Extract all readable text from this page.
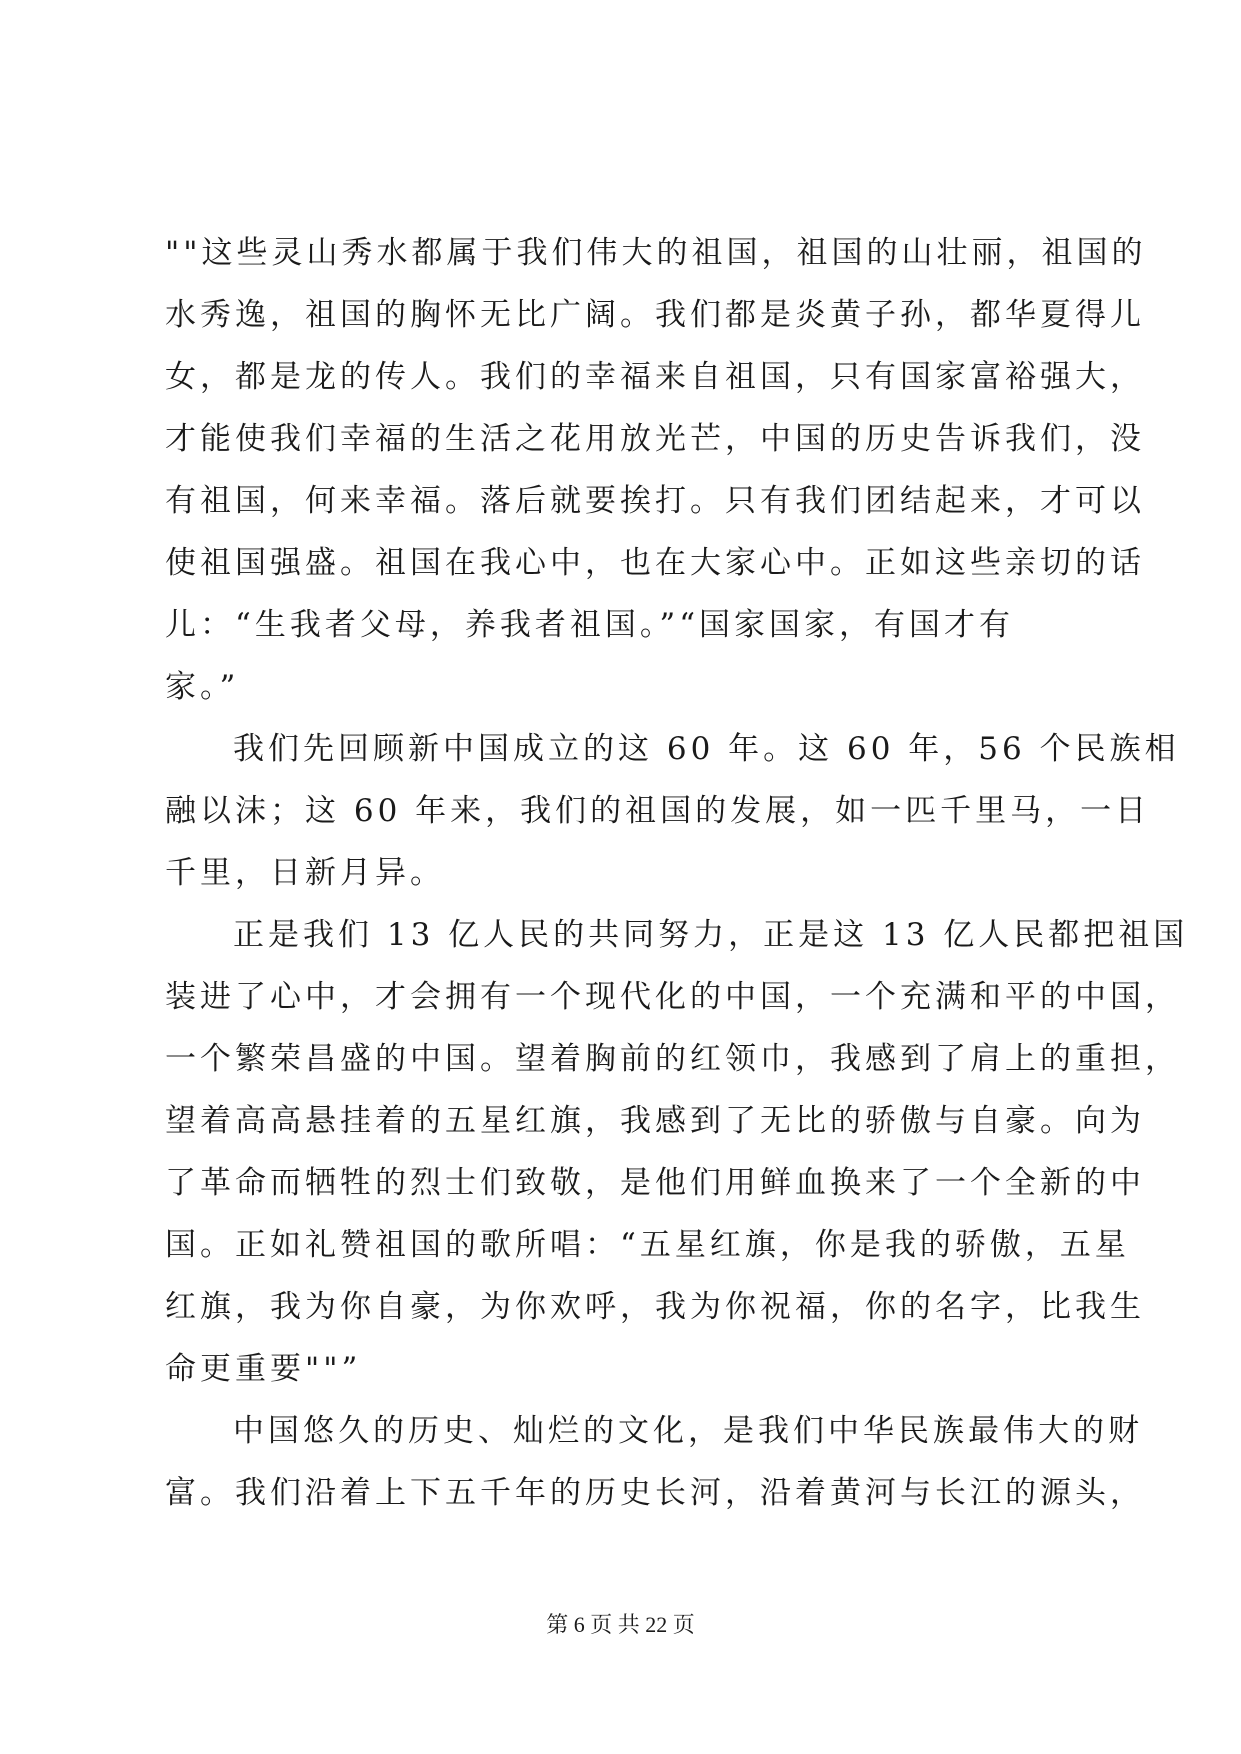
""这些灵山秀水都属于我们伟大的祖国，祖国的山壮丽，祖国的
水秀逸，祖国的胸怀无比广阔。我们都是炎黄子孙，都华夏得儿
女，都是龙的传人。我们的幸福来自祖国，只有国家富裕强大，
才能使我们幸福的生活之花用放光芒，中国的历史告诉我们，没
有祖国，何来幸福。落后就要挨打。只有我们团结起来，才可以
使祖国强盛。祖国在我心中，也在大家心中。正如这些亲切的话
儿：“生我者父母，养我者祖国。”“国家国家，有国才有
家。”
我们先回顾新中国成立的这 60 年。这 60 年，56 个民族相
融以沫；这 60 年来，我们的祖国的发展，如一匹千里马，一日
千里，日新月异。
正是我们 13 亿人民的共同努力，正是这 13 亿人民都把祖国
装进了心中，才会拥有一个现代化的中国，一个充满和平的中国，
一个繁荣昌盛的中国。望着胸前的红领巾，我感到了肩上的重担，
望着高高悬挂着的五星红旗，我感到了无比的骄傲与自豪。向为
了革命而牺牲的烈士们致敬，是他们用鲜血换来了一个全新的中
国。正如礼赞祖国的歌所唱：“五星红旗，你是我的骄傲，五星
红旗，我为你自豪，为你欢呼，我为你祝福，你的名字，比我生
命更重要""”
中国悠久的历史、灿烂的文化，是我们中华民族最伟大的财
富。我们沿着上下五千年的历史长河，沿着黄河与长江的源头，
第 6 页 共 22 页
